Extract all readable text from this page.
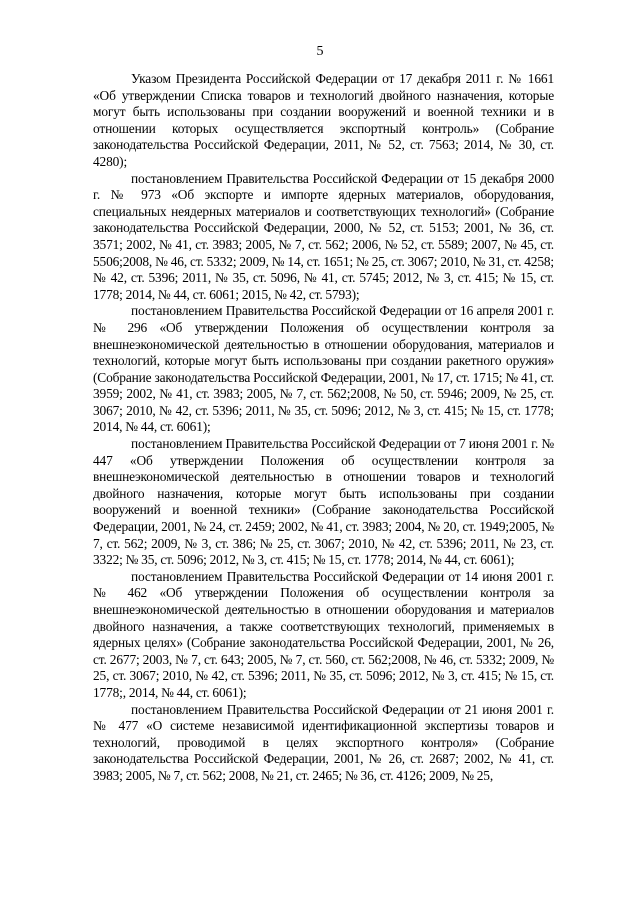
5

Указом Президента Российской Федерации от 17 декабря 2011 г. № 1661 «Об утверждении Списка товаров и технологий двойного назначения, которые могут быть использованы при создании вооружений и военной техники и в отношении которых осуществляется экспортный контроль» (Собрание законодательства Российской Федерации, 2011, № 52, ст. 7563; 2014, № 30, ст. 4280);

постановлением Правительства Российской Федерации от 15 декабря 2000 г. № 973 «Об экспорте и импорте ядерных материалов, оборудования, специальных неядерных материалов и соответствующих технологий» (Собрание законодательства Российской Федерации, 2000, № 52, ст. 5153; 2001, № 36, ст. 3571; 2002, № 41, ст. 3983; 2005, № 7, ст. 562; 2006, № 52, ст. 5589; 2007, № 45, ст. 5506;2008, № 46, ст. 5332; 2009, № 14, ст. 1651; № 25, ст. 3067; 2010, № 31, ст. 4258; № 42, ст. 5396; 2011, № 35, ст. 5096, № 41, ст. 5745; 2012, № 3, ст. 415; № 15, ст. 1778; 2014, № 44, ст. 6061; 2015, № 42, ст. 5793);

постановлением Правительства Российской Федерации от 16 апреля 2001 г. № 296 «Об утверждении Положения об осуществлении контроля за внешнеэкономической деятельностью в отношении оборудования, материалов и технологий, которые могут быть использованы при создании ракетного оружия» (Собрание законодательства Российской Федерации, 2001, № 17, ст. 1715; № 41, ст. 3959; 2002, № 41, ст. 3983; 2005, № 7, ст. 562;2008, № 50, ст. 5946; 2009, № 25, ст. 3067; 2010, № 42, ст. 5396; 2011, № 35, ст. 5096; 2012, № 3, ст. 415; № 15, ст. 1778; 2014, № 44, ст. 6061);

постановлением Правительства Российской Федерации от 7 июня 2001 г. № 447 «Об утверждении Положения об осуществлении контроля за внешнеэкономической деятельностью в отношении товаров и технологий двойного назначения, которые могут быть использованы при создании вооружений и военной техники» (Собрание законодательства Российской Федерации, 2001, № 24, ст. 2459; 2002, № 41, ст. 3983; 2004, № 20, ст. 1949;2005, № 7, ст. 562; 2009, № 3, ст. 386; № 25, ст. 3067; 2010, № 42, ст. 5396; 2011, № 23, ст. 3322; № 35, ст. 5096; 2012, № 3, ст. 415; № 15, ст. 1778; 2014, № 44, ст. 6061);

постановлением Правительства Российской Федерации от 14 июня 2001 г. № 462 «Об утверждении Положения об осуществлении контроля за внешнеэкономической деятельностью в отношении оборудования и материалов двойного назначения, а также соответствующих технологий, применяемых в ядерных целях» (Собрание законодательства Российской Федерации, 2001, № 26, ст. 2677; 2003, № 7, ст. 643; 2005, № 7, ст. 560, ст. 562;2008, № 46, ст. 5332; 2009, № 25, ст. 3067; 2010, № 42, ст. 5396; 2011, № 35, ст. 5096; 2012, № 3, ст. 415; № 15, ст. 1778;, 2014, № 44, ст. 6061);

постановлением Правительства Российской Федерации от 21 июня 2001 г. № 477 «О системе независимой идентификационной экспертизы товаров и технологий, проводимой в целях экспортного контроля» (Собрание законодательства Российской Федерации, 2001, № 26, ст. 2687; 2002, № 41, ст. 3983; 2005, № 7, ст. 562; 2008, № 21, ст. 2465; № 36, ст. 4126; 2009, № 25,
